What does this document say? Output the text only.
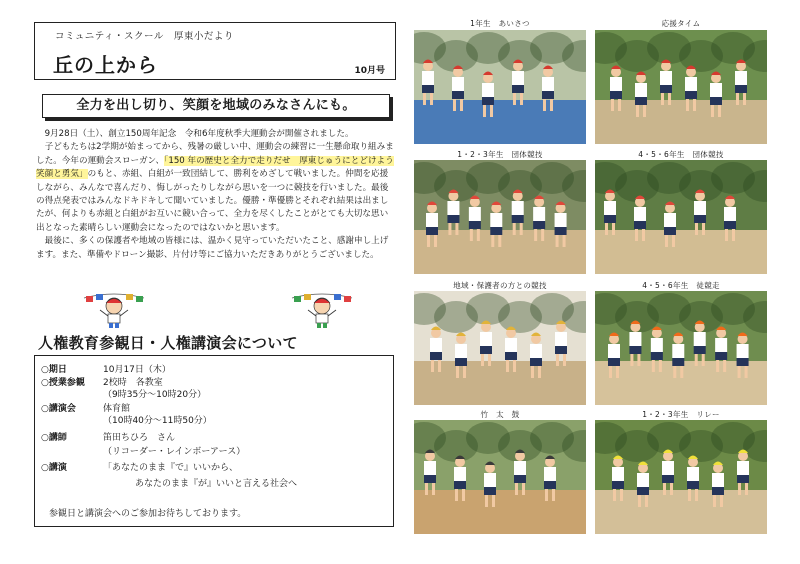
コミュニティ・スクール　厚東小だより
丘の上から	10月号
全力を出し切り、笑顔を地域のみなさんにも。

9月28日（土）、創立150周年記念　令和6年度秋季大運動会が開催されました。

子どもたちは2学期が始まってから、残暑の厳しい中、運動会の練習に一生懸命取り組みました。今年の運動会スローガン、「150 年の歴史と全力で走りだせ　厚東じゅうにとどけよう笑顔と勇気」のもと、赤組、白組が一致団結して、勝利をめざして戦いました。仲間を応援しながら、みんなで喜んだり、悔しがったりしながら思いを一つに競技を行いました。最後の得点発表ではみんなドキドキして聞いていました。優勝・準優勝とそれぞれ結果は出ましたが、何よりも赤組と白組がお互いに競い合って、全力を尽くしたことがとても大切な思い出となった素晴らしい運動会になったのではないかと思います。

最後に、多くの保護者や地域の皆様には、温かく見守っていただいたこと、感謝申し上げます。また、準備やドローン撮影、片付け等にご協力いただきありがとうございました。

人権教育参観日・人権講演会について
○期日	10月17日（木）
○授業参観 2校時　各教室
（9時35分～10時20分）
○講演会	体育館
（10時40分～11時50分）
○講師	笛田ちひろ　さん
（リコーダー・レインボーアース）
○講演	「あなたのまま『で』いいから、
あなたのまま『が』いいと言える社会へ
参観日と講演会へのご参加お待ちしております。
1年生　あいさつ	応援タイム
1・2・3年生　団体競技	4・5・6年生　団体競技
地域・保護者の方との競技	4・5・6年生　徒競走
竹　太　鼓	1・2・3年生　リレー
